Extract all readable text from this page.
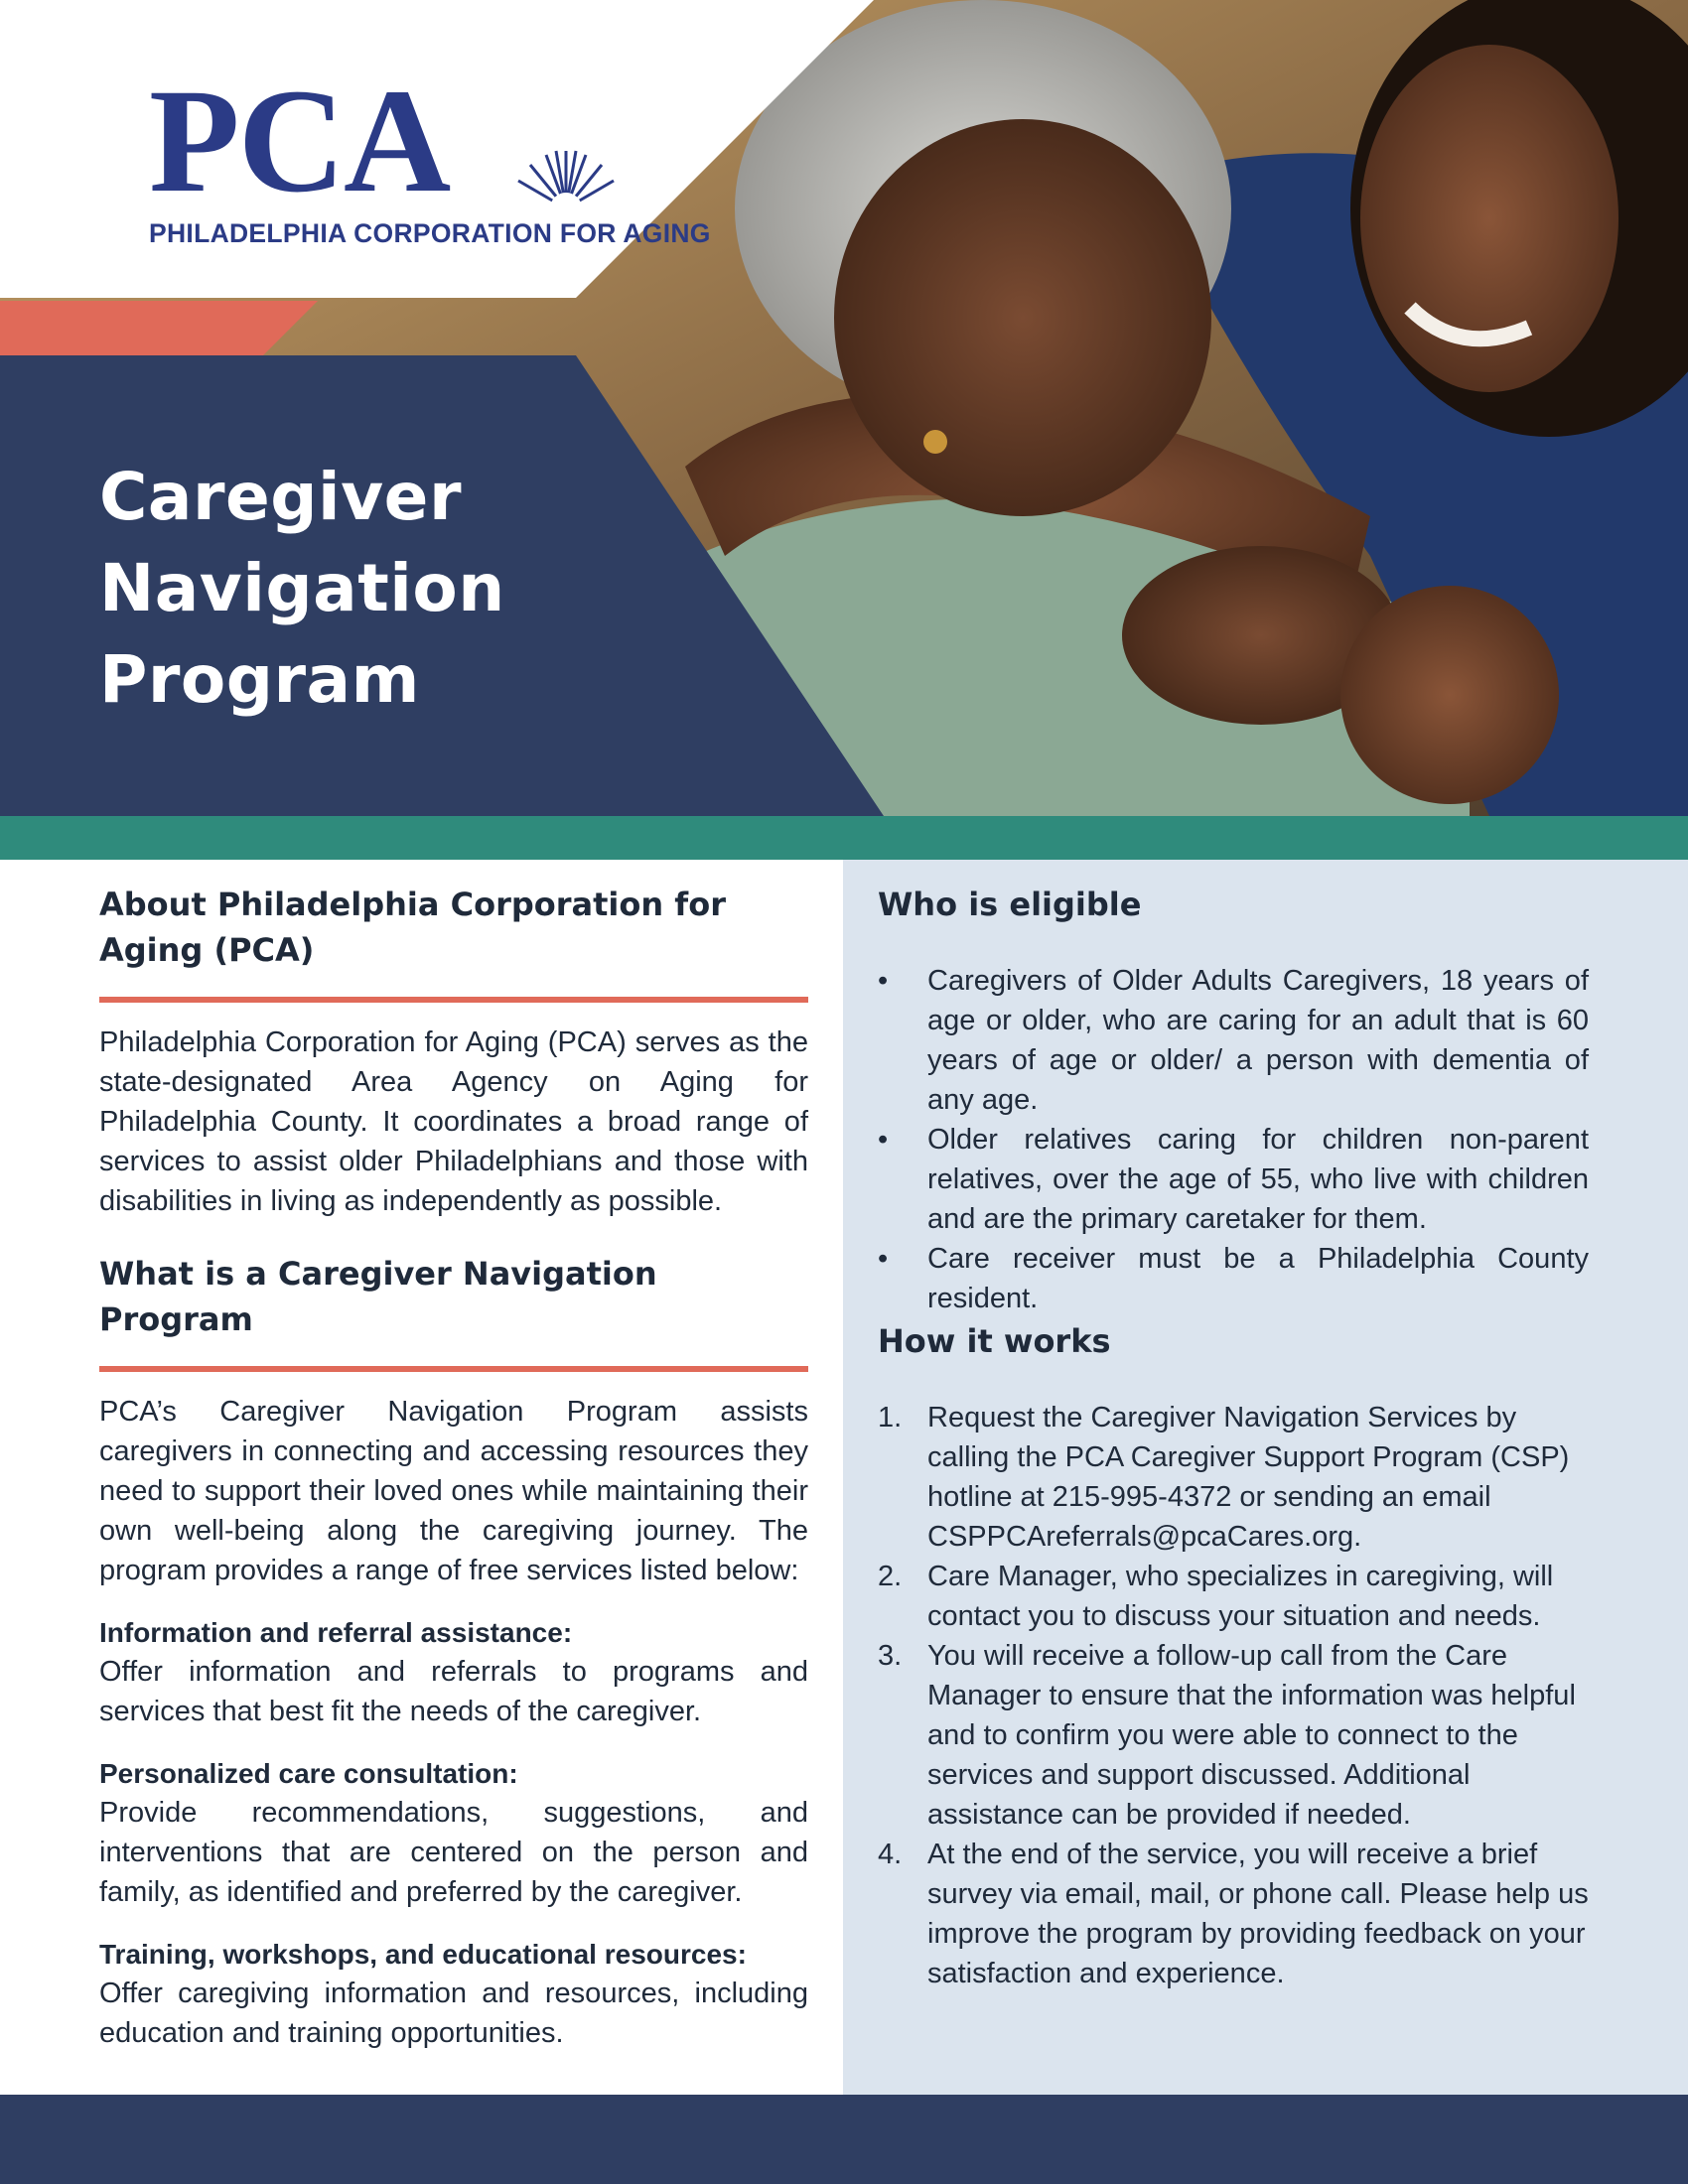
PCA
PHILADELPHIA CORPORATION FOR AGING
Caregiver
Navigation
Program
About Philadelphia Corporation for Aging (PCA)

Philadelphia Corporation for Aging (PCA) serves as the state-designated Area Agency on Aging for Philadelphia County. It coordinates a broad range of services to assist older Philadelphians and those with disabilities in living as independently as possible.

What is a Caregiver Navigation Program

PCA’s Caregiver Navigation Program assists caregivers in connecting and accessing resources they need to support their loved ones while maintaining their own well-being along the caregiving journey. The program provides a range of free services listed below:

Information and referral assistance:

Offer information and referrals to programs and services that best fit the needs of the caregiver.

Personalized care consultation:

Provide recommendations, suggestions, and interventions that are centered on the person and family, as identified and preferred by the caregiver.

Training, workshops, and educational resources:

Offer caregiving information and resources, including education and training opportunities.

Who is eligible
•	Caregivers of Older Adults Caregivers, 18 years of age or older, who are caring for an adult that is 60 years of age or older/ a person with dementia of any age.
•	Older relatives caring for children non-parent relatives, over the age of 55, who live with children and are the primary caretaker for them.
•	Care receiver must be a Philadelphia County resident.
How it works
1. Request the Caregiver Navigation Services by calling the PCA Caregiver Support Program (CSP) hotline at 215-995-4372 or sending an email CSPPCAreferrals@pcaCares.org.
2. Care Manager, who specializes in caregiving, will contact you to discuss your situation and needs.
3. You will receive a follow-up call from the Care Manager to ensure that the information was helpful and to confirm you were able to connect to the services and support discussed. Additional assistance can be provided if needed.
4. At the end of the service, you will receive a brief survey via email, mail, or phone call. Please help us improve the program by providing feedback on your satisfaction and experience.
